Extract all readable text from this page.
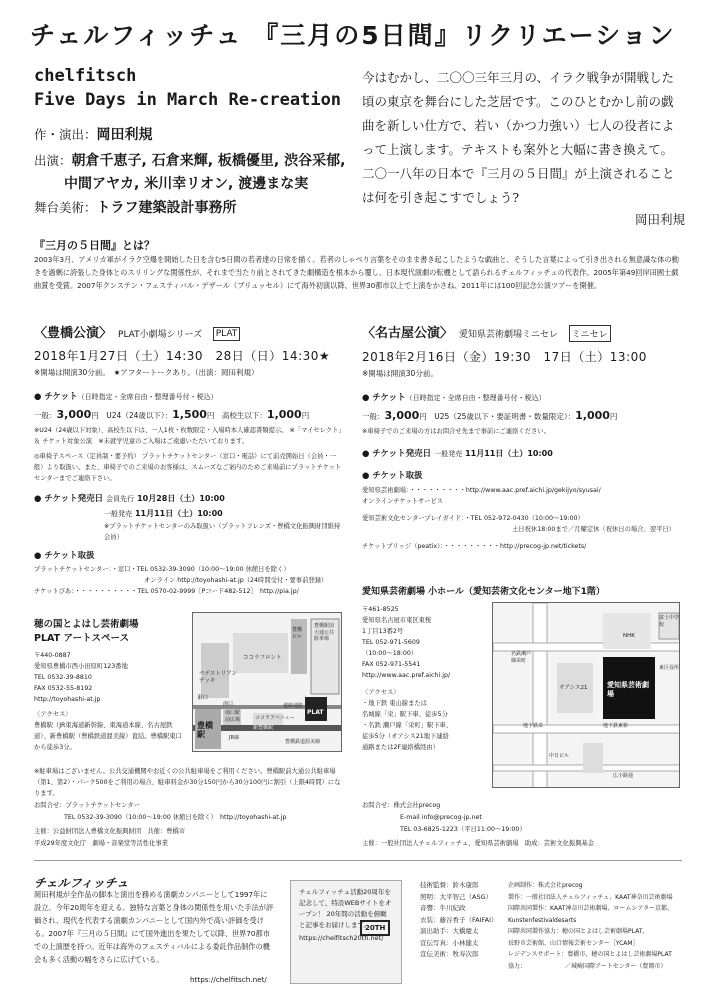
チェルフィッチュ 『三月の5日間』リクリエーション
chelfitsch
Five Days in March Re-creation
作・演出：岡田利規
出演：朝倉千恵子, 石倉来輝, 板橋優里, 渋谷采郁,
中間アヤカ, 米川幸リオン, 渡邊まな実
舞台美術：トラフ建築設計事務所
今はむかし、二〇〇三年三月の、イラク戦争が開戦した頃の東京を舞台にした芝居です。このひとむかし前の戯曲を新しい仕方で、若い（かつ力強い）七人の役者によって上演します。テキストも案外と大幅に書き換えて。二〇一八年の日本で『三月の５日間』が上演されることは何を引き起こすでしょう?
岡田利規
『三月の５日間』とは？
2003年3月、アメリカ軍がイラク空爆を開始した日を含む5日間の若者達の日常を描く。若者のしゃべり言葉をそのまま書き起こしたような戯曲と、そうした言葉によって引き出される無意識な体の動きを過剰に誇張した身体とのスリリングな関係性が、それまで当たり前とされてきた劇構造を根本から覆し、日本現代演劇の転機として語られるチェルフィッチュの代表作。2005年第49回岸田國士戯曲賞を受賞。2007年クンステン・フェスティバル・デザール（ブリュッセル）にて海外初演以降、世界30都市以上で上演をかさね、2011年には100回記念公演ツアーを開催。
〈豊橋公演〉 PLAT小劇場シリーズ PLAT
2018年1月27日（土）14:30　28日（日）14:30★
※開場は開演30分前。　★アフタートークあり。（出演：岡田利規）
● チケット（日時指定・全席自由・整理番号付・税込）
一般：3,000円　U24（24歳以下）：1,500円　高校生以下：1,000円
※U24（24歳以下対象）、高校生以下は、一人1枚・枚数限定・入場時本人確認書類提示。 ※「マイセレクト」＆ チケット対象公演　※未就学児童のご入場はご遠慮いただいております。
◎車椅子スペース（定員制・要予約） プラットチケットセンター（窓口・電話）にて前売開始日（会員・一般）より取扱い。また、車椅子でのご来場のお客様は、スムーズなご案内のためご来場前にプラットチケットセンターまでご連絡下さい。
● チケット発売日 会員先行 10月28日（土）10:00
一般発売 11月11日（土）10:00
※プラットチケットセンターのみ取扱い（プラットフレンズ・豊橋文化振興財団維持会員）
● チケット取扱
プラットチケットセンター：・窓口・TEL 0532-39-3090（10:00〜19:00 休館日を除く）
オンライン http://toyohashi-at.jp（24時間受付・要事前登録）
チケットぴあ：・・・・・・・・・・TEL 0570-02-9999［Pコード482-512］　http://pia.jp/
穂の国とよはし芸術劇場
PLAT アートスペース
〒440-0887
愛知県豊橋市西小田原町123番地
TEL 0532-39-8810
FAX 0532-55-8192
http://toyohashi-at.jp
〈アクセス〉
豊橋駅（JR東海道新幹線、東海道本線、名古屋鉄道）、新豊橋駅（豊橋鉄道渥美線）直結。豊橋駅東口から徒歩3分。
ペデストリアンデッキ
ココラフロント
豊橋駅前大通公共駐車場
豊橋ビル
東口
南口駅前広場	ココラアベニュー
南口	連絡通路
新豊橋駅
豊橋駅	JR線
豊橋鉄道渥美線
PLAT
※駐車場はございません。公共交通機関やお近くの公共駐車場をご利用ください。豊橋駅前大通公共駐車場（第1、第2）・パーク500をご利用の場合、駐車料金が30分150円から30分100円に割引（上限4時間）になります。
お問合せ：プラットチケットセンター
TEL 0532-39-3090（10:00〜19:00 休館日を除く）　http://toyohashi-at.jp
主催：公益財団法人豊橋文化振興財団　共催：豊橋市
平成29年度文化庁　劇場・音楽堂等活性化事業
〈名古屋公演〉 愛知県芸術劇場ミニセレ ミニセレ
2018年2月16日（金）19:30　17日（土）13:00
※開場は開演30分前。
● チケット（日時指定・全席自由・整理番号付・税込）
一般：3,000円　U25（25歳以下・要証明書・数量限定）：1,000円
※車椅子でのご来場の方はお問合せ先まで事前にご連絡ください。
● チケット発売日 一般発売 11月11日（土）10:00
● チケット取扱
愛知県芸術劇場：・・・・・・・・・http://www.aac.pref.aichi.jp/gekijyo/syusai/
オンラインチケットサービス
愛知芸術文化センタープレイガイド：・TEL 052-972-0430（10:00〜19:00）
土日祝休18:00まで／月曜定休（祝休日の場合、翌平日）
チケットブリッジ（peatix）：・・・・・・・・・http://precog-jp.net/tickets/
愛知県芸術劇場 小ホール（愛知芸術文化センター地下1階）
〒461-8525
愛知県名古屋市東区東桜
1丁目13番2号
TEL 052-971-5609
（10:00〜18:00）
FAX 052-971-5541
http://www.aac.pref.aichi.jp/
〈アクセス〉
・地下鉄 東山線または
名城線「栄」駅下車、徒歩5分
・名鉄 瀬戸線「栄町」駅下車、
徒歩5分（オアシス21地下連絡
通路または2F連絡橋経由）
富士中学校
オアシス21	愛知県芸術劇場
NHK
東区役所
地下鉄東新
地下鉄栄
名鉄瀬戸線栄町
広小路通
中日ビル
お問合せ：株式会社precog
E-mail info@precog-jp.net
TEL 03-6825-1223（平日11:00〜19:00）
主催：一般社団法人チェルフィッチュ、愛知県芸術劇場　助成：芸術文化振興基金
チェルフィッチュ
岡田利規が全作品の脚本と演出を務める演劇カンパニーとして1997年に設立。今年20周年を迎える。独特な言葉と身体の関係性を用いた手法が評価され、現代を代表する演劇カンパニーとして国内外で高い評価を受ける。2007年『三月の５日間』にて国外進出を果たして以降、世界70都市での上演歴を持つ。近年は海外のフェスティバルによる委託作品制作の機会も多く活動の幅をさらに広げている。
https://chelfitsch.net/
チェルフィッチュ活動20周年を記念して、特設WEBサイトをオープン！ 20年間の活動を俯瞰と記事をお届けします。
https://chelfitsch20th.net/
20TH
技術監督：鈴木康郎
照明：大平智己（ASG）
音響：牛川紀政
衣装：藤谷香子（FAIFAI）
演出助手：大橋慶太
宣伝写真：小林健太
宣伝美術：牧寿次郎
企画制作：株式会社precog
製作：一般社団法人チェルフィッチュ、KAAT神奈川芸術劇場
国際共同製作：KAAT神奈川芸術劇場、ロームシアター京都、
Kunstenfestivaldesarts
国際共同製作協力：穂の国とよはし芸術劇場PLAT、
長野市芸術館、山口情報芸術センター［YCAM］
レジデンスサポート：豊橋市、穂の国とよはし芸術劇場PLAT
協力：　　　　　　　／城崎国際アートセンター（豊岡市）
